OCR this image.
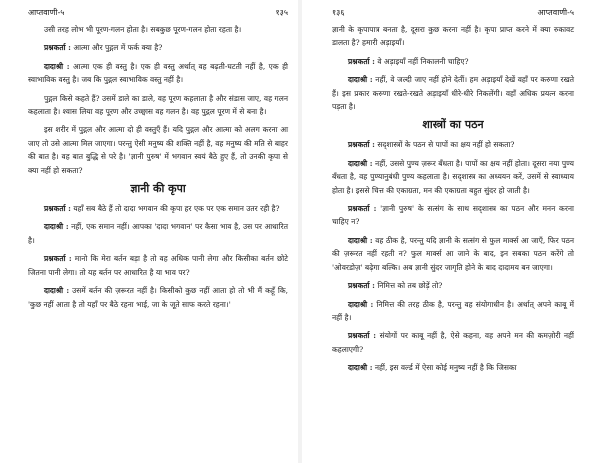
आप्तवाणी-५	१३५

उसी तरह लोभ भी पूरण-गलन होता है। सबकुछ पूरण-गलन होता रहता है।

प्रश्नकर्ता : आत्मा और पुद्गल में फर्क क्या है?

दादाश्री : आत्मा एक ही वस्तु है। एक ही वस्तु अर्थात् वह बढ़ती-घटती नहीं है, एक ही स्वाभाविक वस्तु है। जब कि पुद्गल स्वाभाविक वस्तु नहीं है।

पुद्गल किसे कहते हैं? उसमें डाले का डाले, वह पूरण कहलाता है और संडास जाए, वह गलन कहलाता है। श्वास लिया वह पूरण और उच्छ्वास वह गलन है। वह पुद्गल पूरण में से बना है।

इस शरीर में पुद्गल और आत्मा दो ही वस्तुएँ हैं। यदि पुद्गल और आत्मा को अलग करना आ जाए तो उसे आत्मा मिल जाएगा। परन्तु ऐसी मनुष्य की शक्ति नहीं है, वह मनुष्य की मति से बाहर की बात है। वह बात बुद्धि से परे है। 'ज्ञानी पुरुष' में भगवान स्वयं बैठे हुए हैं, तो उनकी कृपा से क्या नहीं हो सकता?

ज्ञानी की कृपा

प्रश्नकर्ता : यहाँ सब बैठे हैं तो दादा भगवान की कृपा हर एक पर एक समान उतर रही है?

दादाश्री : नहीं, एक समान नहीं। आपका 'दादा भगवान' पर कैसा भाव है, उस पर आधारित है।

प्रश्नकर्ता : मानो कि मेरा बर्तन बड़ा है तो वह अधिक पानी लेगा और किसीका बर्तन छोटे जितना पानी लेगा। तो यह बर्तन पर आधारित है या भाव पर?

दादाश्री : उसमें बर्तन की ज़रूरत नहीं है। किसीको कुछ नहीं आता हो तो भी मैं कहूँ कि, 'कुछ नहीं आता है तो यहाँ पर बैठे रहना भाई, जा के जूते साफ करते रहना।'

१३६	आप्तवाणी-५

ज्ञानी के कृपापात्र बनता है, दूसरा कुछ करना नहीं है। कृपा प्राप्त करने में क्या रुकावट डालता है? हमारी अड़ाइयाँ।

प्रश्नकर्ता : वे अड़ाइयाँ नहीं निकालनी चाहिए?

दादाश्री : नहीं, वे जल्दी जाए नहीं होने देतीं। हम अड़ाइयाँ देखें वहाँ पर करुणा रखते हैं। इस प्रकार करुणा रखते-रखते अड़ाइयाँ धीरे-धीरे निकलेंगी। वहाँ अधिक प्रयत्न करना पड़ता है।

शास्त्रों का पठन

प्रश्नकर्ता : सद्शास्त्रों के पठन से पापों का क्षय नहीं हो सकता?

दादाश्री : नहीं, उससे पुण्य ज़रूर बँधता है। पापों का क्षय नहीं होता। दूसरा नया पुण्य बँधता है, वह पुण्यानुबंधी पुण्य कहलाता है। सद्शास्त्र का अध्ययन करें, उसमें से स्वाध्याय होता है। इससे चित्त की एकाग्रता, मन की एकाग्रता बहुत सुंदर हो जाती है।

प्रश्नकर्ता : 'ज्ञानी पुरुष' के सत्संग के साथ सद्शास्त्र का पठन और मनन करना चाहिए न?

दादाश्री : वह ठीक है, परन्तु यदि ज्ञानी के सत्संग से फुल मार्क्स आ जाएँ, फिर पठन की ज़रूरत नहीं रहती न? फुल मार्क्स आ जाने के बाद, इन सबका पठन करेंगे तो 'ओवरडोज़' बढ़ेगा बल्कि। अब ज्ञानी सुंदर जागृति होने के बाद दादामय बन जाएगा।

प्रश्नकर्ता : निमित्त को तब छोड़ें तो?

दादाश्री : निमित्त की तरह ठीक है, परन्तु वह संयोगाधीन है। अर्थात् अपने काबू में नहीं है।

प्रश्नकर्ता : संयोगों पर काबू नहीं है, ऐसे कहना, वह अपने मन की कमज़ोरी नहीं कहलाएगी?

दादाश्री : नहीं, इस वर्ल्ड में ऐसा कोई मनुष्य नहीं है कि जिसका
